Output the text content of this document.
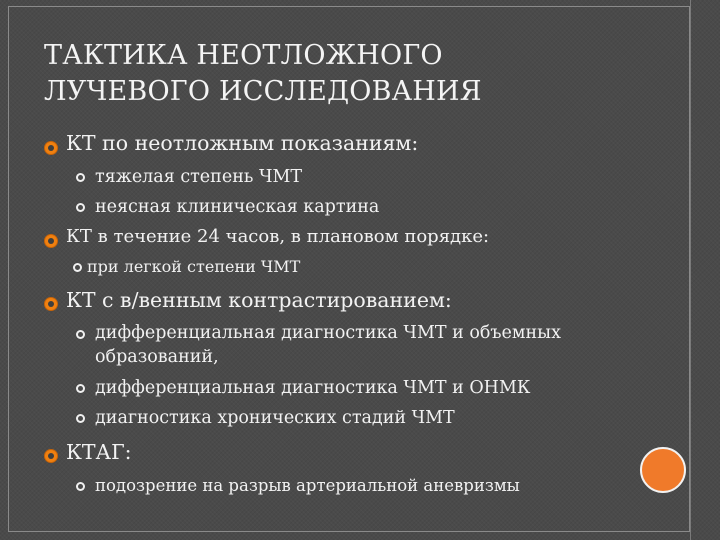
ТАКТИКА НЕОТЛОЖНОГО
ЛУЧЕВОГО ИССЛЕДОВАНИЯ
КТ по неотложным показаниям:
тяжелая степень ЧМТ
неясная клиническая картина
КТ в течение 24 часов, в плановом порядке:
при легкой степени ЧМТ
КТ с в/венным контрастированием:
дифференциальная диагностика ЧМТ и объемных
образований,
дифференциальная диагностика ЧМТ и ОНМК
диагностика хронических стадий ЧМТ
КТАГ:
подозрение на разрыв артериальной аневризмы
